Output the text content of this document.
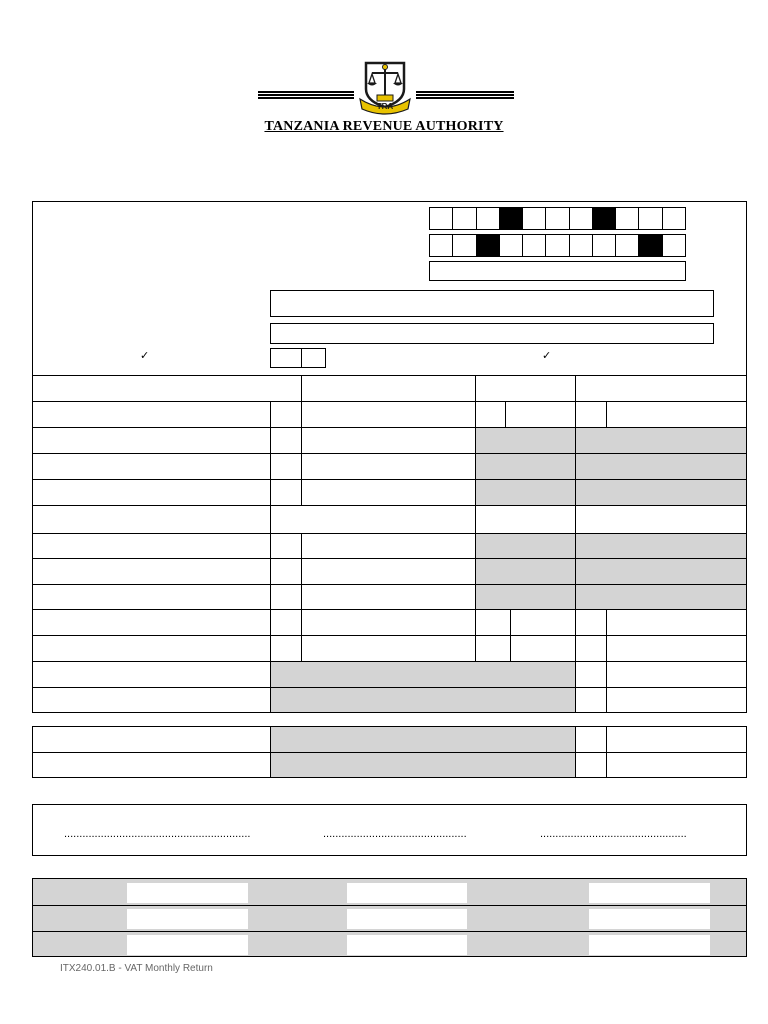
TRA
TANZANIA REVENUE AUTHORITY
✓	✓
.............................................................	...............................................	................................................
ITX240.01.B - VAT Monthly Return
